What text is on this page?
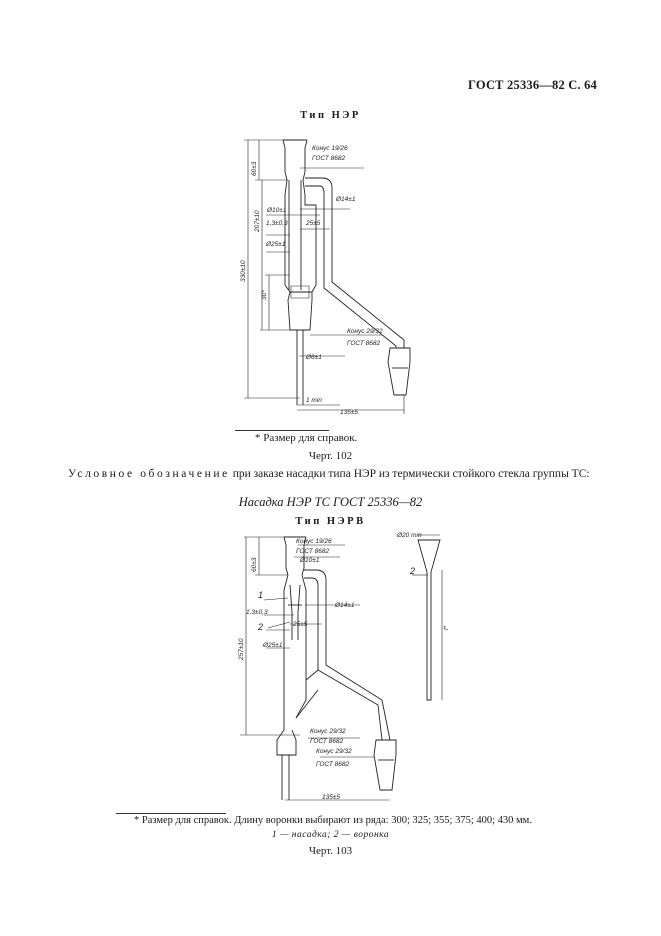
ГОСТ 25336—82 С. 64
Тип НЭР
Конус 19/26
ГОСТ 8682
Ø14±1
Ø10±1
1,3±0,3	25±5
Ø25±1
Конус 29/32
ГОСТ 8682
Ø6±1
1 min
135±5
60±3
207±10
330±10
30*
Конус 19/26
ГОСТ 8682
Ø10±1
Ø14±1
1,3±0,3
25±5
Ø25±1
60±3
257±10
Конус 29/32
ГОСТ 8682
Конус 29/32
ГОСТ 8682
135±5
Ø20 min
1
2
2
l*
* Размер для справок.
Черт. 102
Условное обозначение при заказе насадки типа НЭР из термически стойкого стекла группы ТС:
Насадка НЭР ТС ГОСТ 25336—82
Тип НЭРВ
* Размер для справок. Длину воронки выбирают из ряда: 300; 325; 355; 375; 400; 430 мм.
1 — насадка; 2 — воронка
Черт. 103
